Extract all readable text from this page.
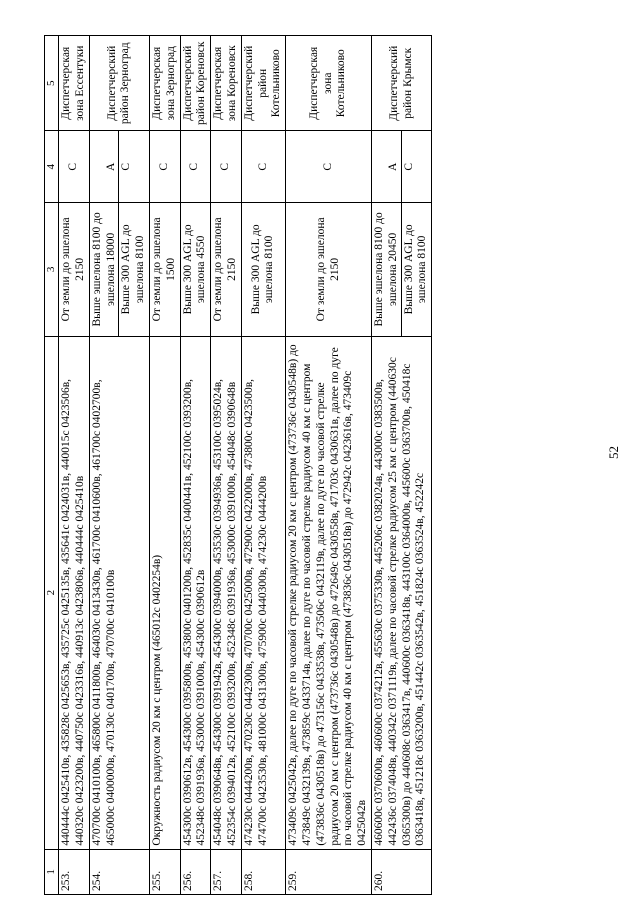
52
1	2	3	4	5
253.	440444с 0425410в, 435828с 0425653в, 435725с 0425135в, 435641с 0424031в, 440015с 0423506в, 440320с 0423200в, 440750с 0423316в, 440913с 0423806в, 440444с 0425410в	От земли до эшелона 2150	С	Диспетчерская зона Ессентуки
254.	470700с 0410100в, 465800с 0411800в, 464030с 0413430в, 461700с 0410600в, 461700с 0402700в, 465000с 0400000в, 470130с 0401700в, 470700с 0410100в	Выше эшелона 8100 до эшелона 18000 Выше 300 AGL до эшелона 8100	А С	Диспетчерский район Зерноград
255.	Окружность радиусом 20 км с центром (465012с 0402254в)	От земли до эшелона 1500	С	Диспетчерская зона Зерноград
256.	454300с 0390612в, 454300с 0395800в, 453800с 0401200в, 452835с 0400441в, 452100с 0393200в, 452348с 0391936в, 453000с 0391000в, 454300с 0390612в	Выше 300 AGL до эшелона 4550	С	Диспетчерский район Кореновск
257.	454048с 0390648в, 454300с 0391942в, 454300с 0394000в, 453530с 0394936в, 453100с 0395024в, 452354с 0394012в, 452100с 0393200в, 452348с 0391936в, 453000с 0391000в, 454048с 0390648в	От земли до эшелона 2150	С	Диспетчерская зона Кореновск
258.	474230с 0444200в, 470230с 0442300в, 470700с 0425000в, 472900с 0422000в, 473800с 0423500в, 474700с 0423530в, 481000с 0431300в, 475900с 0440300в, 474230с 0444200в	Выше 300 AGL до эшелона 8100	С	Диспетчерский район Котельниково
259.	473409с 0425042в, далее по дуге по часовой стрелке радиусом 20 км с центром (473736с 0430548в) до 473849с 0432139в, 473859с 0433714в, далее по дуге по часовой стрелке радиусом 40 км с центром (473836с 0430518в) до 473156с 0433538в, 473506с 0432119в, далее по дуге по часовой стрелке радиусом 20 км с центром (473736с 0430548в) до 472649с 0430558в, 471703с 0430631в, далее по дуге по часовой стрелке радиусом 40 км с центром (473836с 0430518в) до 472942с 0423616в, 473409с 0425042в	От земли до эшелона 2150	С	Диспетчерская зона Котельниково
260.	460600с 0370600в, 460600с 0374212в, 455630с 0375330в, 445206с 0382024в, 443000с 0383500в, 442436с 0374048в, 440342с 0371119в, далее по часовой стрелке радиусом 25 км с центром (440630с 0365300в) до 440608с 0363417в, 440600с 0363418в, 443100с 0364000в, 445600с 0363700в, 450418с 0363418в, 451218с 0363200в, 451442с 0363542в, 451824с 0363524в, 452242с	Выше эшелона 8100 до эшелона 20450 Выше 300 AGL до эшелона 8100	А С	Диспетчерский район Крымск
